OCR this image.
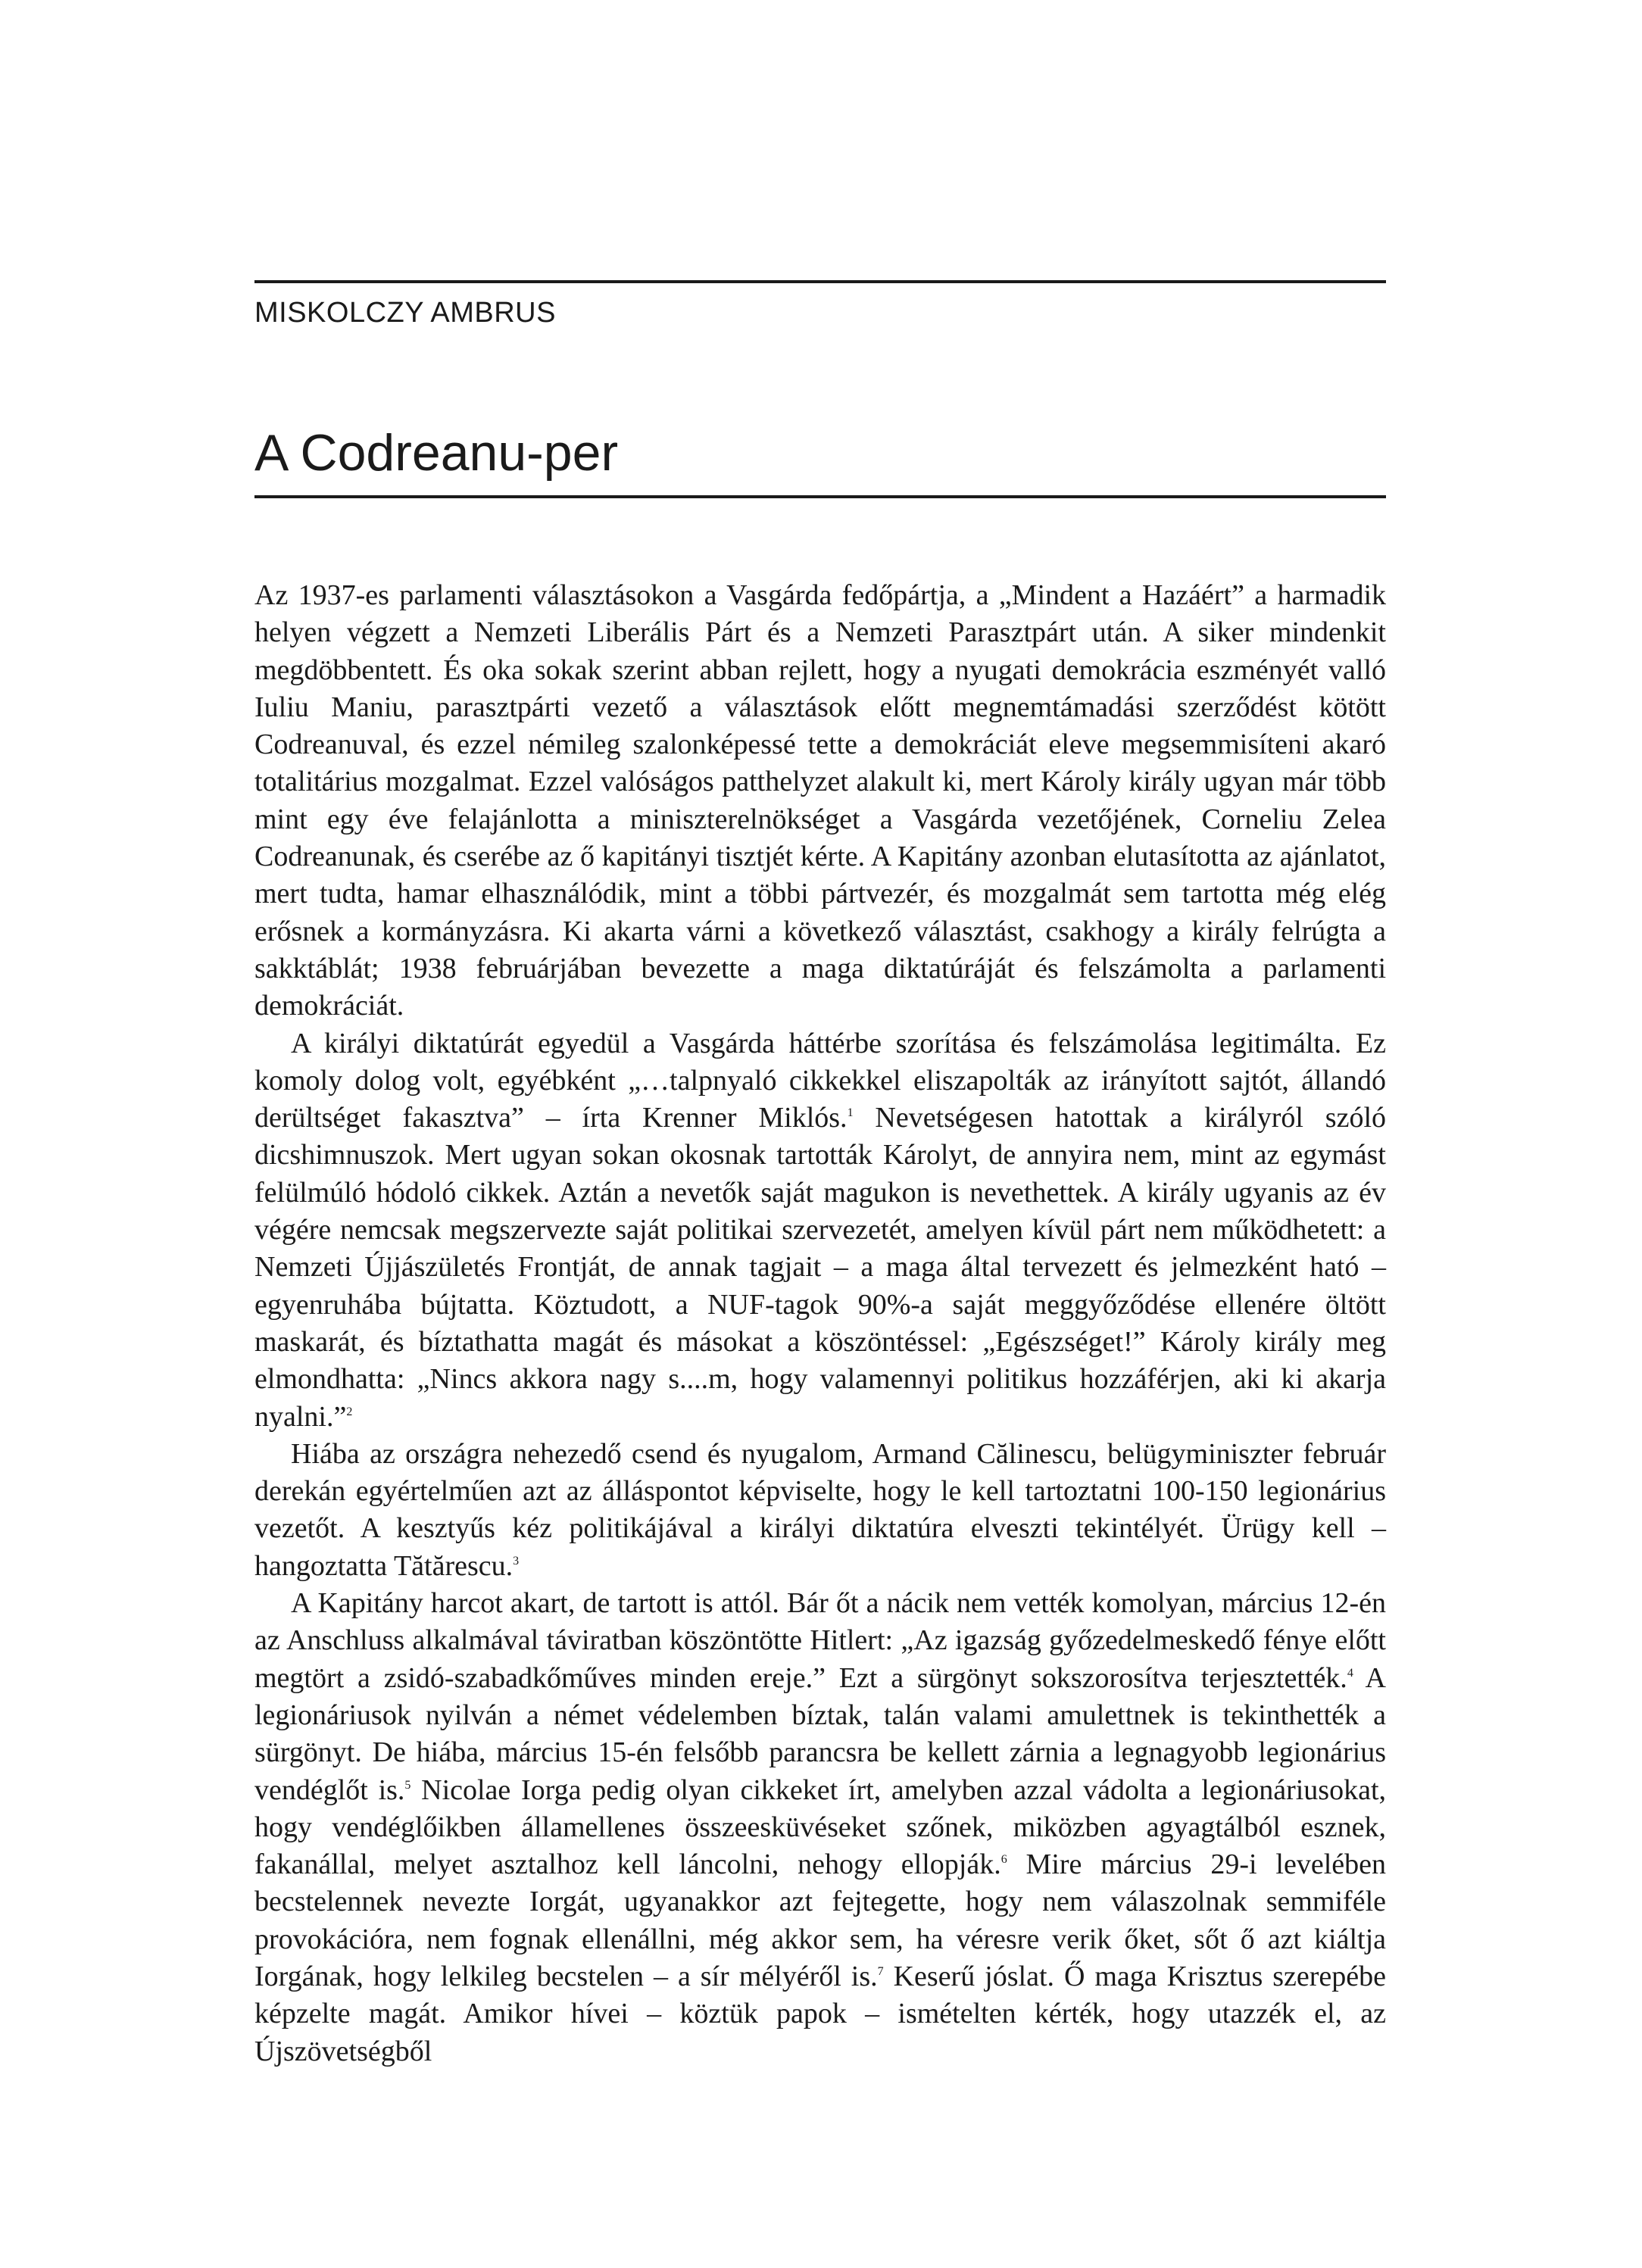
MISKOLCZY AMBRUS
A Codreanu-per

Az 1937-es parlamenti választásokon a Vasgárda fedőpártja, a „Mindent a Hazáért” a harmadik helyen végzett a Nemzeti Liberális Párt és a Nemzeti Parasztpárt után. A siker mindenkit megdöbbentett. És oka sokak szerint abban rejlett, hogy a nyugati demokrácia eszményét valló Iuliu Maniu, parasztpárti vezető a választások előtt megnemtámadási szerződést kötött Codreanuval, és ezzel némileg szalonképessé tette a demokráciát eleve megsemmisíteni akaró totalitárius mozgalmat. Ezzel valóságos patthelyzet alakult ki, mert Károly király ugyan már több mint egy éve felajánlotta a miniszterelnökséget a Vasgárda vezetőjének, Corneliu Zelea Codreanunak, és cserébe az ő kapitányi tisztjét kérte. A Kapitány azonban elutasította az ajánlatot, mert tudta, hamar elhasználódik, mint a többi pártvezér, és mozgalmát sem tartotta még elég erősnek a kormányzásra. Ki akarta várni a következő választást, csakhogy a király felrúgta a sakktáblát; 1938 februárjában bevezette a maga diktatúráját és felszámolta a parlamenti demokráciát.

A királyi diktatúrát egyedül a Vasgárda háttérbe szorítása és felszámolása legitimálta. Ez komoly dolog volt, egyébként „…talpnyaló cikkekkel eliszapolták az irányított sajtót, állandó derültséget fakasztva” – írta Krenner Miklós.$^1$ Nevetségesen hatottak a királyról szóló dicshimnuszok. Mert ugyan sokan okosnak tartották Károlyt, de annyira nem, mint az egymást felülmúló hódoló cikkek. Aztán a nevetők saját magukon is nevethettek. A király ugyanis az év végére nemcsak megszervezte saját politikai szervezetét, amelyen kívül párt nem működhetett: a Nemzeti Újjászületés Frontját, de annak tagjait – a maga által tervezett és jelmezként ható – egyenruhába bújtatta. Köztudott, a NUF-tagok 90%-a saját meggyőződése ellenére öltött maskarát, és bíztathatta magát és másokat a köszöntéssel: „Egészséget!” Károly király meg elmondhatta: „Nincs akkora nagy s....m, hogy valamennyi politikus hozzáférjen, aki ki akarja nyalni.”$^2$

Hiába az országra nehezedő csend és nyugalom, Armand Călinescu, belügyminiszter február derekán egyértelműen azt az álláspontot képviselte, hogy le kell tartoztatni 100-150 legionárius vezetőt. A kesztyűs kéz politikájával a királyi diktatúra elveszti tekintélyét. Ürügy kell – hangoztatta Tătărescu.$^3$

A Kapitány harcot akart, de tartott is attól. Bár őt a nácik nem vették komolyan, március 12-én az Anschluss alkalmával táviratban köszöntötte Hitlert: „Az igazság győzedelmeskedő fénye előtt megtört a zsidó-szabadkőműves minden ereje.” Ezt a sürgönyt sokszorosítva terjesztették.$^4$ A legionáriusok nyilván a német védelemben bíztak, talán valami amulettnek is tekinthették a sürgönyt. De hiába, március 15-én felsőbb parancsra be kellett zárnia a legnagyobb legionárius vendéglőt is.$^5$ Nicolae Iorga pedig olyan cikkeket írt, amelyben azzal vádolta a legionáriusokat, hogy vendéglőikben államellenes összeesküvéseket szőnek, miközben agyagtálból esznek, fakanállal, melyet asztalhoz kell láncolni, nehogy ellopják.$^6$ Mire március 29-i levelében becstelennek nevezte Iorgát, ugyanakkor azt fejtegette, hogy nem válaszolnak semmiféle provokációra, nem fognak ellenállni, még akkor sem, ha véresre verik őket, sőt ő azt kiáltja Iorgának, hogy lelkileg becstelen – a sír mélyéről is.$^7$ Keserű jóslat. Ő maga Krisztus szerepébe képzelte magát. Amikor hívei – köztük papok – ismételten kérték, hogy utazzék el, az Újszövetségből
